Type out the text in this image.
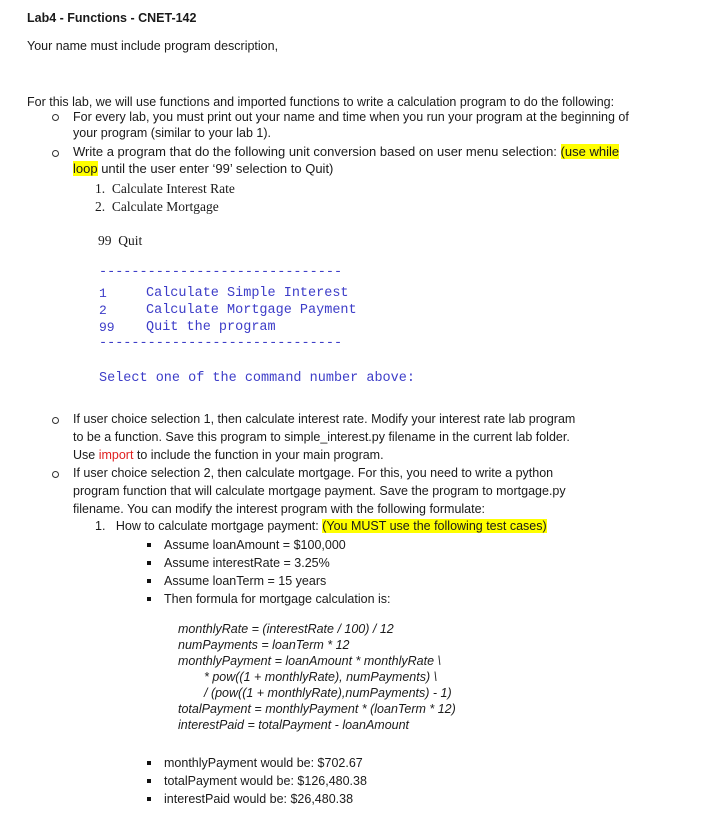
Lab4 - Functions - CNET-142
Your name must include program description,
For this lab, we will use functions and imported functions to write a calculation program to do the following:
For every lab, you must print out your name and time when you run your program at the beginning of
your program (similar to your lab 1).
Write a program that do the following unit conversion based on user menu selection: (use while
loop until the user enter ‘99’ selection to Quit)
1. Calculate Interest Rate
2. Calculate Mortgage
99  Quit
------------------------------
1	Calculate Simple Interest
2	Calculate Mortgage Payment
99 Quit the program
------------------------------
Select one of the command number above:
If user choice selection 1, then calculate interest rate. Modify your interest rate lab program
to be a function. Save this program to simple_interest.py filename in the current lab folder.
Use import to include the function in your main program.
If user choice selection 2, then calculate mortgage. For this, you need to write a python
program function that will calculate mortgage payment. Save the program to mortgage.py
filename. You can modify the interest program with the following formulate:
1. How to calculate mortgage payment: (You MUST use the following test cases)
Assume loanAmount = $100,000
Assume interestRate = 3.25%
Assume loanTerm = 15 years
Then formula for mortgage calculation is:
monthlyRate = (interestRate / 100) / 12
numPayments = loanTerm * 12
monthlyPayment = loanAmount * monthlyRate \
* pow((1 + monthlyRate), numPayments) \
/ (pow((1 + monthlyRate),numPayments) - 1)
totalPayment = monthlyPayment * (loanTerm * 12)
interestPaid = totalPayment - loanAmount
monthlyPayment would be: $702.67
totalPayment would be: $126,480.38
interestPaid would be: $26,480.38
